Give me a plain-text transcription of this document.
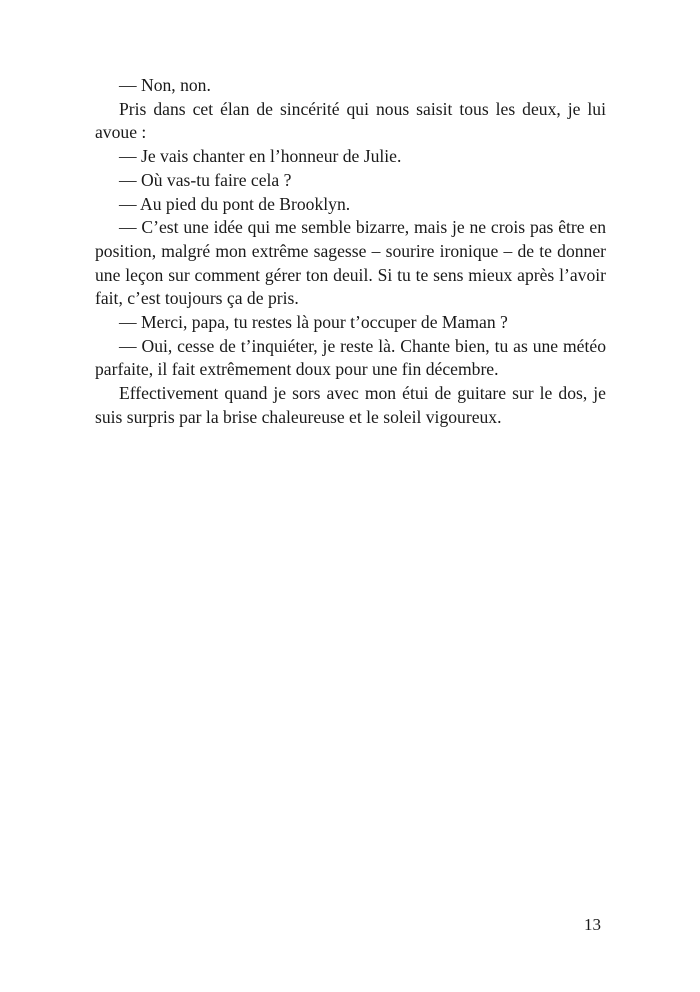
— Non, non.

Pris dans cet élan de sincérité qui nous saisit tous les deux, je lui avoue :

— Je vais chanter en l’honneur de Julie.

— Où vas-tu faire cela ?

— Au pied du pont de Brooklyn.

— C’est une idée qui me semble bizarre, mais je ne crois pas être en position, malgré mon extrême sagesse – sourire ironique – de te donner une leçon sur comment gérer ton deuil. Si tu te sens mieux après l’avoir fait, c’est toujours ça de pris.

— Merci, papa, tu restes là pour t’occuper de Maman ?

— Oui, cesse de t’inquiéter, je reste là. Chante bien, tu as une météo parfaite, il fait extrêmement doux pour une fin décembre.

Effectivement quand je sors avec mon étui de guitare sur le dos, je suis surpris par la brise chaleureuse et le soleil vigoureux.

13
